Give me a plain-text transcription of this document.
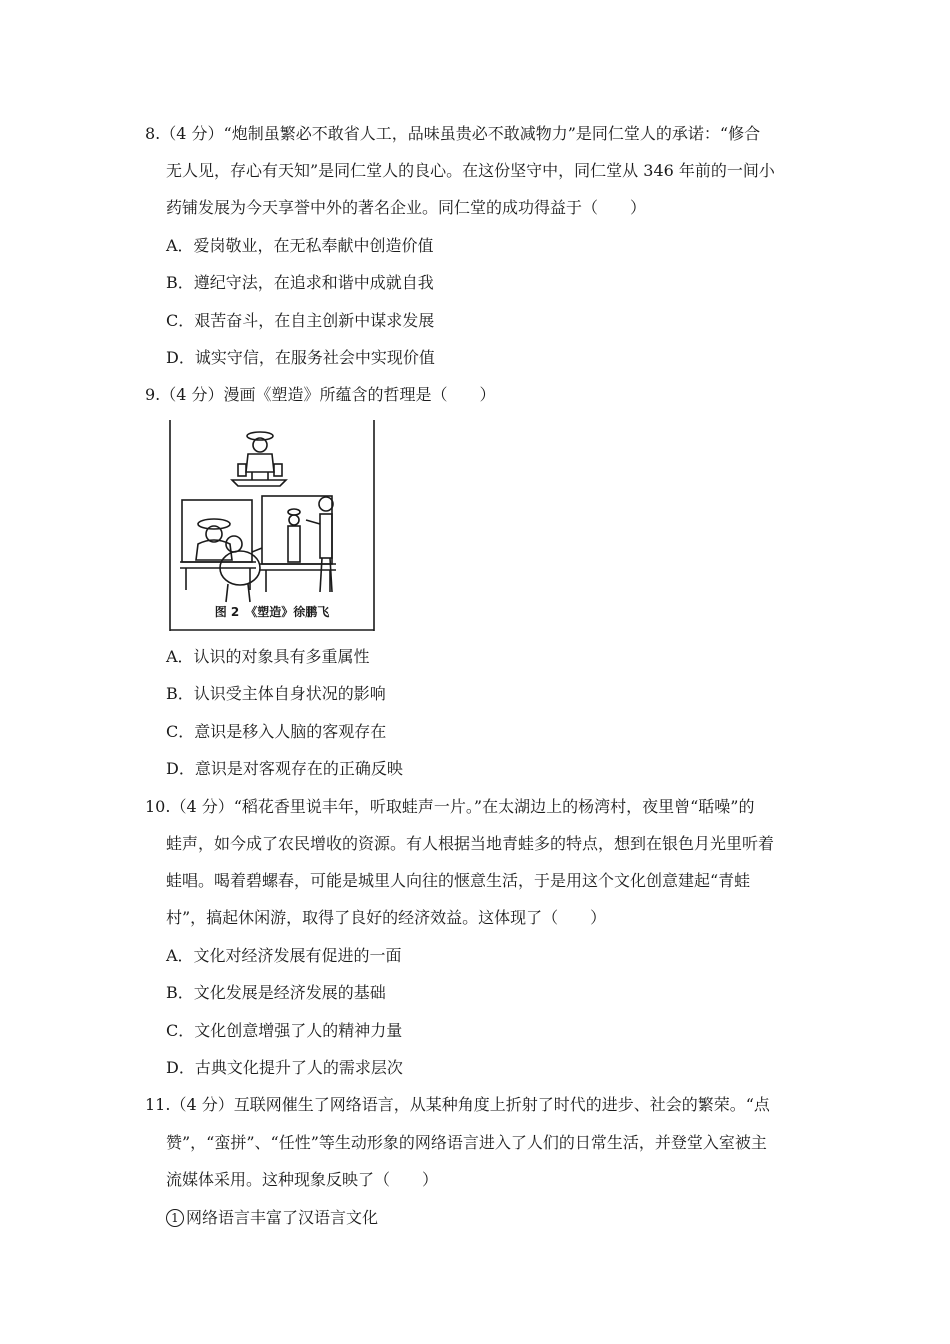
8.（4 分）“炮制虽繁必不敢省人工，品味虽贵必不敢减物力”是同仁堂人的承诺：“修合
无人见，存心有天知”是同仁堂人的良心。在这份坚守中，同仁堂从 346 年前的一间小
药铺发展为今天享誉中外的著名企业。同仁堂的成功得益于（　　）
A．爱岗敬业，在无私奉献中创造价值
B．遵纪守法，在追求和谐中成就自我
C．艰苦奋斗，在自主创新中谋求发展
D．诚实守信，在服务社会中实现价值
9.（4 分）漫画《塑造》所蕴含的哲理是（　　）
图 2　《塑造》徐鹏飞
A．认识的对象具有多重属性
B．认识受主体自身状况的影响
C．意识是移入人脑的客观存在
D．意识是对客观存在的正确反映
10.（4 分）“稻花香里说丰年，听取蛙声一片。”在太湖边上的杨湾村，夜里曾“聒噪”的
蛙声，如今成了农民增收的资源。有人根据当地青蛙多的特点，想到在银色月光里听着
蛙唱。喝着碧螺春，可能是城里人向往的惬意生活，于是用这个文化创意建起“青蛙
村”，搞起休闲游，取得了良好的经济效益。这体现了（　　）
A．文化对经济发展有促进的一面
B．文化发展是经济发展的基础
C．文化创意增强了人的精神力量
D．古典文化提升了人的需求层次
11.（4 分）互联网催生了网络语言，从某种角度上折射了时代的进步、社会的繁荣。“点
赞”，“蛮拼”、“任性”等生动形象的网络语言进入了人们的日常生活，并登堂入室被主
流媒体采用。这种现象反映了（　　）
1 网络语言丰富了汉语言文化
